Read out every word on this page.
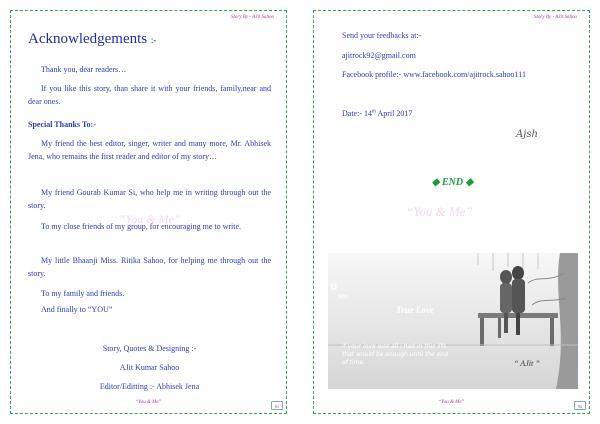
Story By - AJit Sahoo
Acknowledgements :-
Thank you, dear readers…
If you like this story, than share it with your friends, family,near and dear ones.
Special Thanks To:-
My friend the best editor, singer, writer and many more, Mr. Abhisek Jena, who remains the first reader and editor of my story…
My friend Gourab Kumar Si, who help me in writing through out the story.
“You & Me”
To my close friends of my group, for encouraging me to write.
My little Bhaanji Miss. Ritika Sahoo, for helping me through out the story.
To my family and friends.
And finally to “YOU”
Story, Quotes & Designing :-
AJit Kumar Sahoo
Editor/Editting :- Abhisek Jena
“You & Me”
91
Story By - AJit Sahoo
Send your feedbacks at:-
ajitrock92@gmail.com
Facebook profile:- www.facebook.com/ajitrock.sahoo111
Date:- 14th April 2017
Ajsh
◆ END ◆
“You & Me”
U
Me
True Love
if your love was all i had in this life, that would be enough until the end of time.	“ AJit ”
“You & Me”
92
